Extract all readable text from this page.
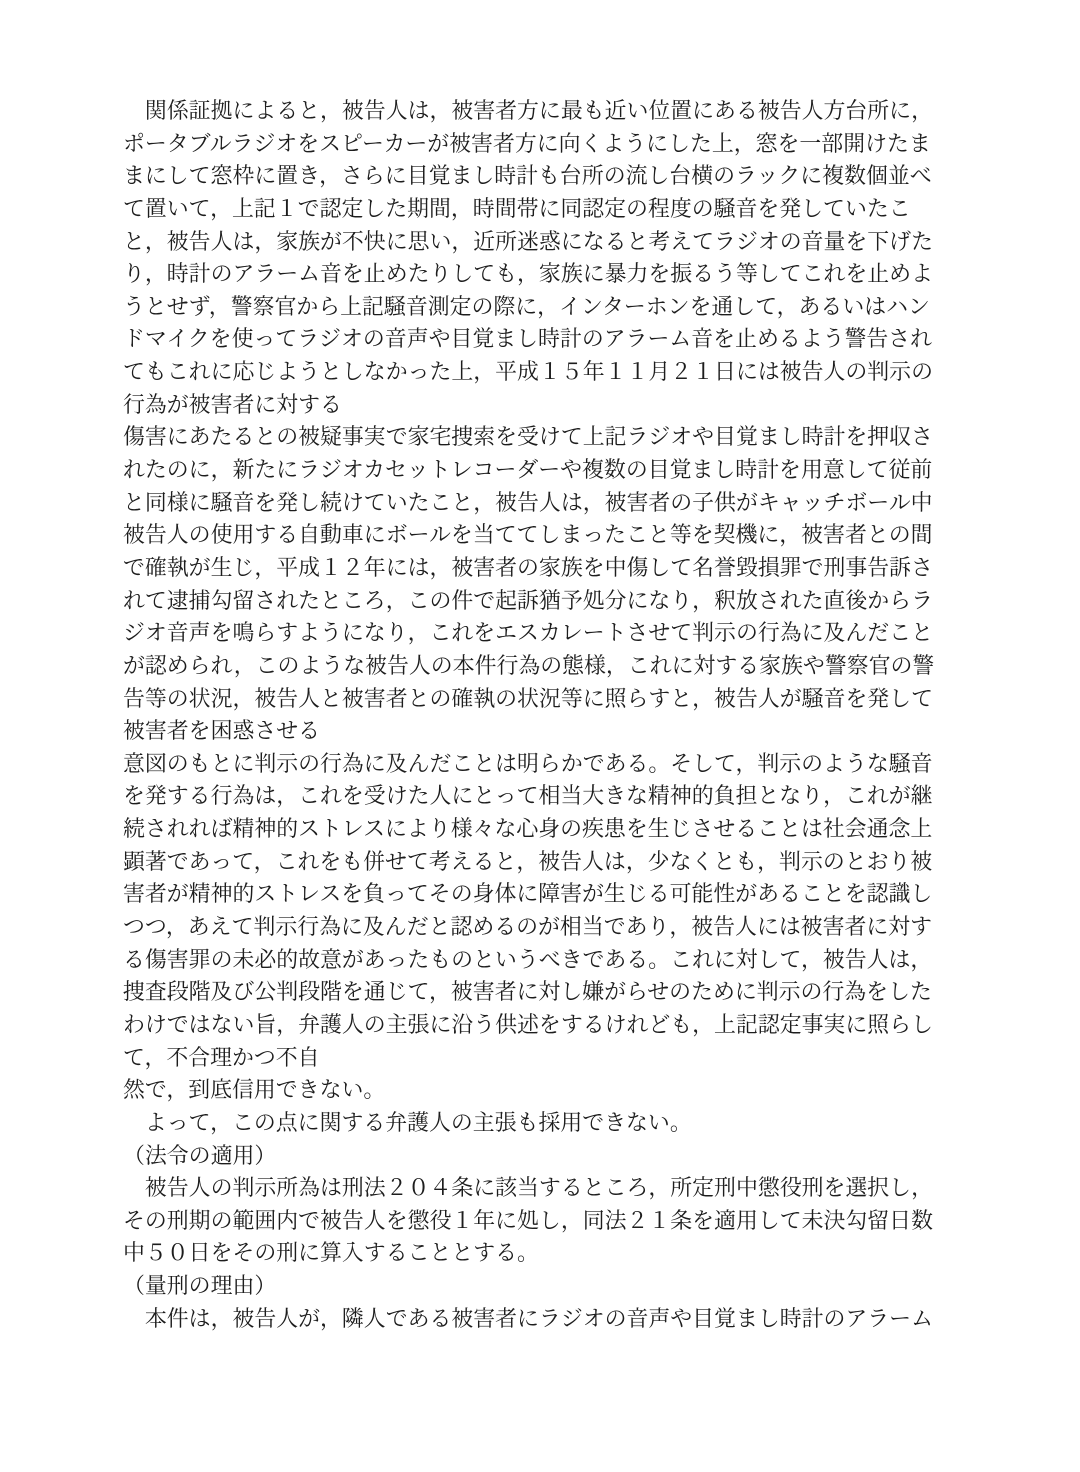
　関係証拠によると，被告人は，被害者方に最も近い位置にある被告人方台所に，
ポータブルラジオをスピーカーが被害者方に向くようにした上，窓を一部開けたま
まにして窓枠に置き，さらに目覚まし時計も台所の流し台横のラックに複数個並べ
て置いて，上記１で認定した期間，時間帯に同認定の程度の騒音を発していたこ
と，被告人は，家族が不快に思い，近所迷惑になると考えてラジオの音量を下げた
り，時計のアラーム音を止めたりしても，家族に暴力を振るう等してこれを止めよ
うとせず，警察官から上記騒音測定の際に，インターホンを通して，あるいはハン
ドマイクを使ってラジオの音声や目覚まし時計のアラーム音を止めるよう警告され
てもこれに応じようとしなかった上，平成１５年１１月２１日には被告人の判示の
行為が被害者に対する
傷害にあたるとの被疑事実で家宅捜索を受けて上記ラジオや目覚まし時計を押収さ
れたのに，新たにラジオカセットレコーダーや複数の目覚まし時計を用意して従前
と同様に騒音を発し続けていたこと，被告人は，被害者の子供がキャッチボール中
被告人の使用する自動車にボールを当ててしまったこと等を契機に，被害者との間
で確執が生じ，平成１２年には，被害者の家族を中傷して名誉毀損罪で刑事告訴さ
れて逮捕勾留されたところ，この件で起訴猶予処分になり，釈放された直後からラ
ジオ音声を鳴らすようになり，これをエスカレートさせて判示の行為に及んだこと
が認められ，このような被告人の本件行為の態様，これに対する家族や警察官の警
告等の状況，被告人と被害者との確執の状況等に照らすと，被告人が騒音を発して
被害者を困惑させる
意図のもとに判示の行為に及んだことは明らかである。そして，判示のような騒音
を発する行為は，これを受けた人にとって相当大きな精神的負担となり，これが継
続されれば精神的ストレスにより様々な心身の疾患を生じさせることは社会通念上
顕著であって，これをも併せて考えると，被告人は，少なくとも，判示のとおり被
害者が精神的ストレスを負ってその身体に障害が生じる可能性があることを認識し
つつ，あえて判示行為に及んだと認めるのが相当であり，被告人には被害者に対す
る傷害罪の未必的故意があったものというべきである。これに対して，被告人は，
捜査段階及び公判段階を通じて，被害者に対し嫌がらせのために判示の行為をした
わけではない旨，弁護人の主張に沿う供述をするけれども，上記認定事実に照らし
て，不合理かつ不自
然で，到底信用できない。
　よって，この点に関する弁護人の主張も採用できない。
（法令の適用）
　被告人の判示所為は刑法２０４条に該当するところ，所定刑中懲役刑を選択し，
その刑期の範囲内で被告人を懲役１年に処し，同法２１条を適用して未決勾留日数
中５０日をその刑に算入することとする。
（量刑の理由）
　本件は，被告人が，隣人である被害者にラジオの音声や目覚まし時計のアラーム
